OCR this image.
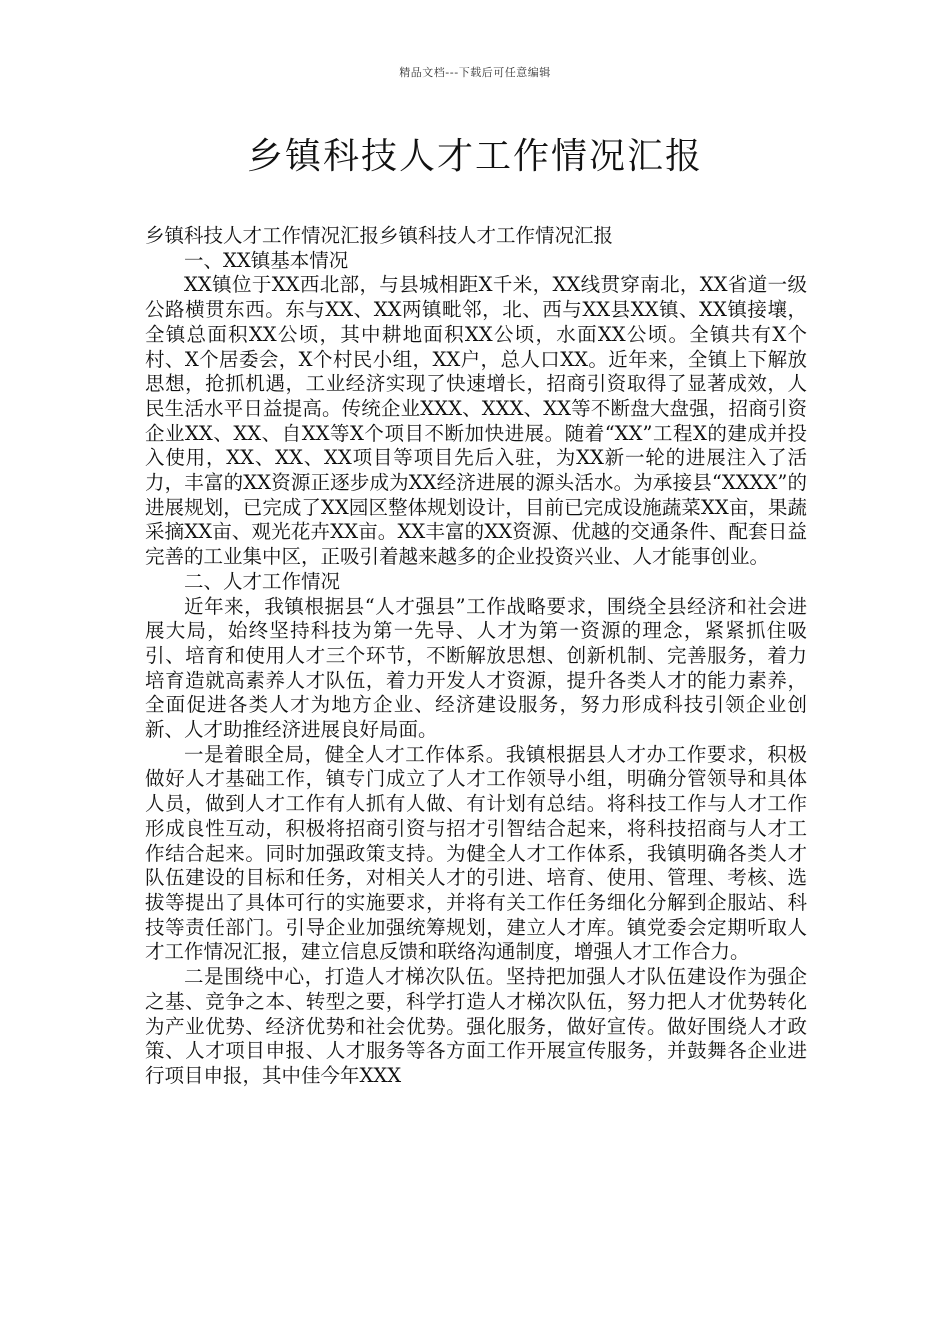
精品文档---下载后可任意编辑
乡镇科技人才工作情况汇报

乡镇科技人才工作情况汇报乡镇科技人才工作情况汇报

一、XX镇基本情况

XX镇位于XX西北部，与县城相距X千米，XX线贯穿南北，XX省道一级公路横贯东西。东与XX、XX两镇毗邻，北、西与XX县XX镇、XX镇接壤，全镇总面积XX公顷，其中耕地面积XX公顷，水面XX公顷。全镇共有X个村、X个居委会，X个村民小组，XX户，总人口XX。近年来，全镇上下解放思想，抢抓机遇，工业经济实现了快速增长，招商引资取得了显著成效，人民生活水平日益提高。传统企业XXX、XXX、XX等不断盘大盘强，招商引资企业XX、XX、自XX等X个项目不断加快进展。随着“XX”工程X的建成并投入使用，XX、XX、XX项目等项目先后入驻，为XX新一轮的进展注入了活力，丰富的XX资源正逐步成为XX经济进展的源头活水。为承接县“XXXX”的进展规划，已完成了XX园区整体规划设计，目前已完成设施蔬菜XX亩，果蔬采摘XX亩、观光花卉XX亩。XX丰富的XX资源、优越的交通条件、配套日益完善的工业集中区，正吸引着越来越多的企业投资兴业、人才能事创业。

二、人才工作情况

近年来，我镇根据县“人才强县”工作战略要求，围绕全县经济和社会进展大局，始终坚持科技为第一先导、人才为第一资源的理念，紧紧抓住吸引、培育和使用人才三个环节，不断解放思想、创新机制、完善服务，着力培育造就高素养人才队伍，着力开发人才资源，提升各类人才的能力素养，全面促进各类人才为地方企业、经济建设服务，努力形成科技引领企业创新、人才助推经济进展良好局面。

一是着眼全局，健全人才工作体系。我镇根据县人才办工作要求，积极做好人才基础工作，镇专门成立了人才工作领导小组，明确分管领导和具体人员，做到人才工作有人抓有人做、有计划有总结。将科技工作与人才工作形成良性互动，积极将招商引资与招才引智结合起来，将科技招商与人才工作结合起来。同时加强政策支持。为健全人才工作体系，我镇明确各类人才队伍建设的目标和任务，对相关人才的引进、培育、使用、管理、考核、选拔等提出了具体可行的实施要求，并将有关工作任务细化分解到企服站、科技等责任部门。引导企业加强统筹规划，建立人才库。镇党委会定期听取人才工作情况汇报，建立信息反馈和联络沟通制度，增强人才工作合力。

二是围绕中心，打造人才梯次队伍。坚持把加强人才队伍建设作为强企之基、竞争之本、转型之要，科学打造人才梯次队伍，努力把人才优势转化为产业优势、经济优势和社会优势。强化服务，做好宣传。做好围绕人才政策、人才项目申报、人才服务等各方面工作开展宣传服务，并鼓舞各企业进行项目申报，其中佳今年XXX
